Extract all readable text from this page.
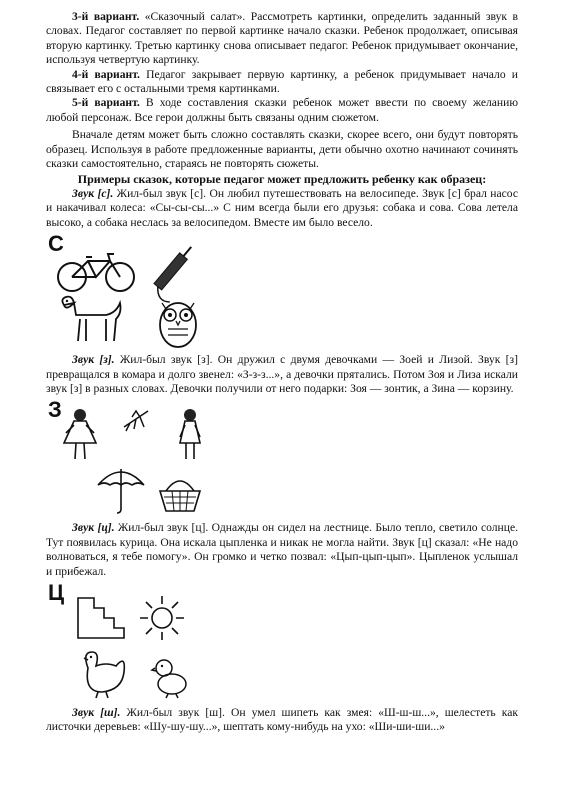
3-й вариант. «Сказочный салат». Рассмотреть картинки, определить заданный звук в словах. Педагог составляет по первой картинке начало сказки. Ребенок продолжает, описывая вторую картинку. Третью картинку снова описывает педагог. Ребенок придумывает окончание, используя четвертую картинку.

4-й вариант. Педагог закрывает первую картинку, а ребенок придумывает начало и связывает его с остальными тремя картинками.

5-й вариант. В ходе составления сказки ребенок может ввести по своему желанию любой персонаж. Все герои должны быть связаны одним сюжетом.

Вначале детям может быть сложно составлять сказки, скорее всего, они будут повторять образец. Используя в работе предложенные варианты, дети обычно охотно начинают сочинять сказки самостоятельно, стараясь не повторять сюжеты.

Примеры сказок, которые педагог может предложить ребенку как образец:

Звук [с]. Жил-был звук [с]. Он любил путешествовать на велосипеде. Звук [с] брал насос и накачивал колеса: «Сы-сы-сы...» С ним всегда были его друзья: собака и сова. Сова летела высоко, а собака неслась за велосипедом. Вместе им было весело.

С

Звук [з]. Жил-был звук [з]. Он дружил с двумя девочками — Зоей и Лизой. Звук [з] превращался в комара и долго звенел: «З-з-з...», а девочки прятались. Потом Зоя и Лиза искали звук [з] в разных словах. Девочки получили от него подарки: Зоя — зонтик, а Зина — корзину.

З

Звук [ц]. Жил-был звук [ц]. Однажды он сидел на лестнице. Было тепло, светило солнце. Тут появилась курица. Она искала цыпленка и никак не могла найти. Звук [ц] сказал: «Не надо волноваться, я тебе помогу». Он громко и четко позвал: «Цып-цып-цып». Цыпленок услышал и прибежал.

Ц

Звук [ш]. Жил-был звук [ш]. Он умел шипеть как змея: «Ш-ш-ш...», шелестеть как листочки деревьев: «Шу-шу-шу...», шептать кому-нибудь на ухо: «Ши-ши-ши...»
